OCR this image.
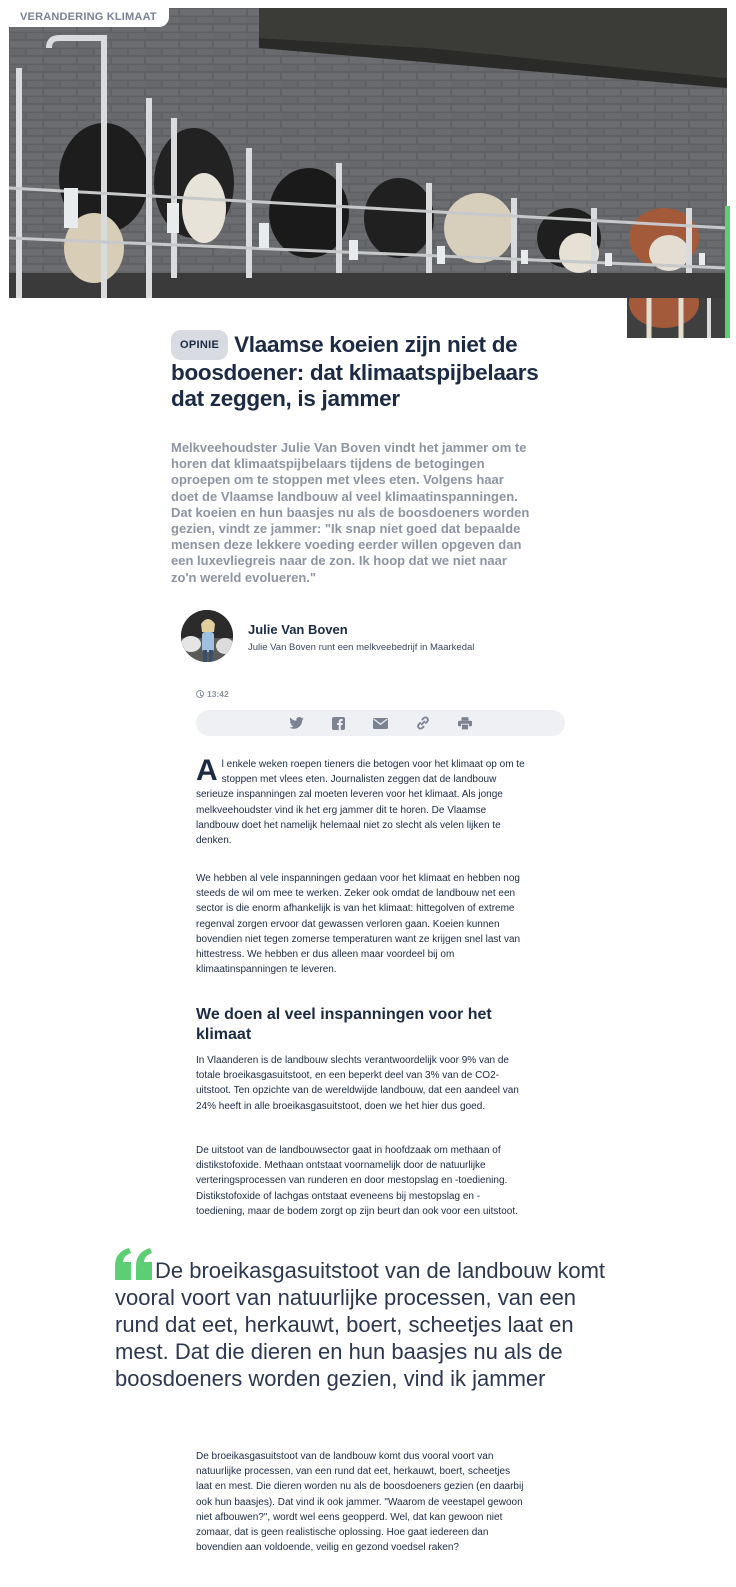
VERANDERING KLIMAAT
OPINIE Vlaamse koeien zijn niet de boosdoener: dat klimaatspijbelaars dat zeggen, is jammer

Melkveehoudster Julie Van Boven vindt het jammer om te horen dat klimaatspijbelaars tijdens de betogingen oproepen om te stoppen met vlees eten. Volgens haar doet de Vlaamse landbouw al veel klimaatinspanningen. Dat koeien en hun baasjes nu als de boosdoeners worden gezien, vindt ze jammer: "Ik snap niet goed dat bepaalde mensen deze lekkere voeding eerder willen opgeven dan een luxevliegreis naar de zon. Ik hoop dat we niet naar zo'n wereld evolueren."

Julie Van Boven
Julie Van Boven runt een melkveebedrijf in Maarkedal
13:42
Al enkele weken roepen tieners die betogen voor het klimaat op om te stoppen met vlees eten. Journalisten zeggen dat de landbouw serieuze inspanningen zal moeten leveren voor het klimaat. Als jonge melkveehoudster vind ik het erg jammer dit te horen. De Vlaamse landbouw doet het namelijk helemaal niet zo slecht als velen lijken te denken.
We hebben al vele inspanningen gedaan voor het klimaat en hebben nog steeds de wil om mee te werken. Zeker ook omdat de landbouw net een sector is die enorm afhankelijk is van het klimaat: hittegolven of extreme regenval zorgen ervoor dat gewassen verloren gaan. Koeien kunnen bovendien niet tegen zomerse temperaturen want ze krijgen snel last van hittestress. We hebben er dus alleen maar voordeel bij om klimaatinspanningen te leveren.
We doen al veel inspanningen voor het klimaat
In Vlaanderen is de landbouw slechts verantwoordelijk voor 9% van de totale broeikasgasuitstoot, en een beperkt deel van 3% van de CO2-uitstoot. Ten opzichte van de wereldwijde landbouw, dat een aandeel van 24% heeft in alle broeikasgasuitstoot, doen we het hier dus goed.
De uitstoot van de landbouwsector gaat in hoofdzaak om methaan of distikstofoxide. Methaan ontstaat voornamelijk door de natuurlijke verteringsprocessen van runderen en door mestopslag en -toediening. Distikstofoxide of lachgas ontstaat eveneens bij mestopslag en -toediening, maar de bodem zorgt op zijn beurt dan ook voor een uitstoot.
De broeikasgasuitstoot van de landbouw komt vooral voort van natuurlijke processen, van een rund dat eet, herkauwt, boert, scheetjes laat en mest. Dat die dieren en hun baasjes nu als de boosdoeners worden gezien, vind ik jammer
De broeikasgasuitstoot van de landbouw komt dus vooral voort van natuurlijke processen, van een rund dat eet, herkauwt, boert, scheetjes laat en mest. Die dieren worden nu als de boosdoeners gezien (en daarbij ook hun baasjes). Dat vind ik ook jammer. "Waarom de veestapel gewoon niet afbouwen?", wordt wel eens geopperd. Wel, dat kan gewoon niet zomaar, dat is geen realistische oplossing. Hoe gaat iedereen dan bovendien aan voldoende, veilig en gezond voedsel raken?
